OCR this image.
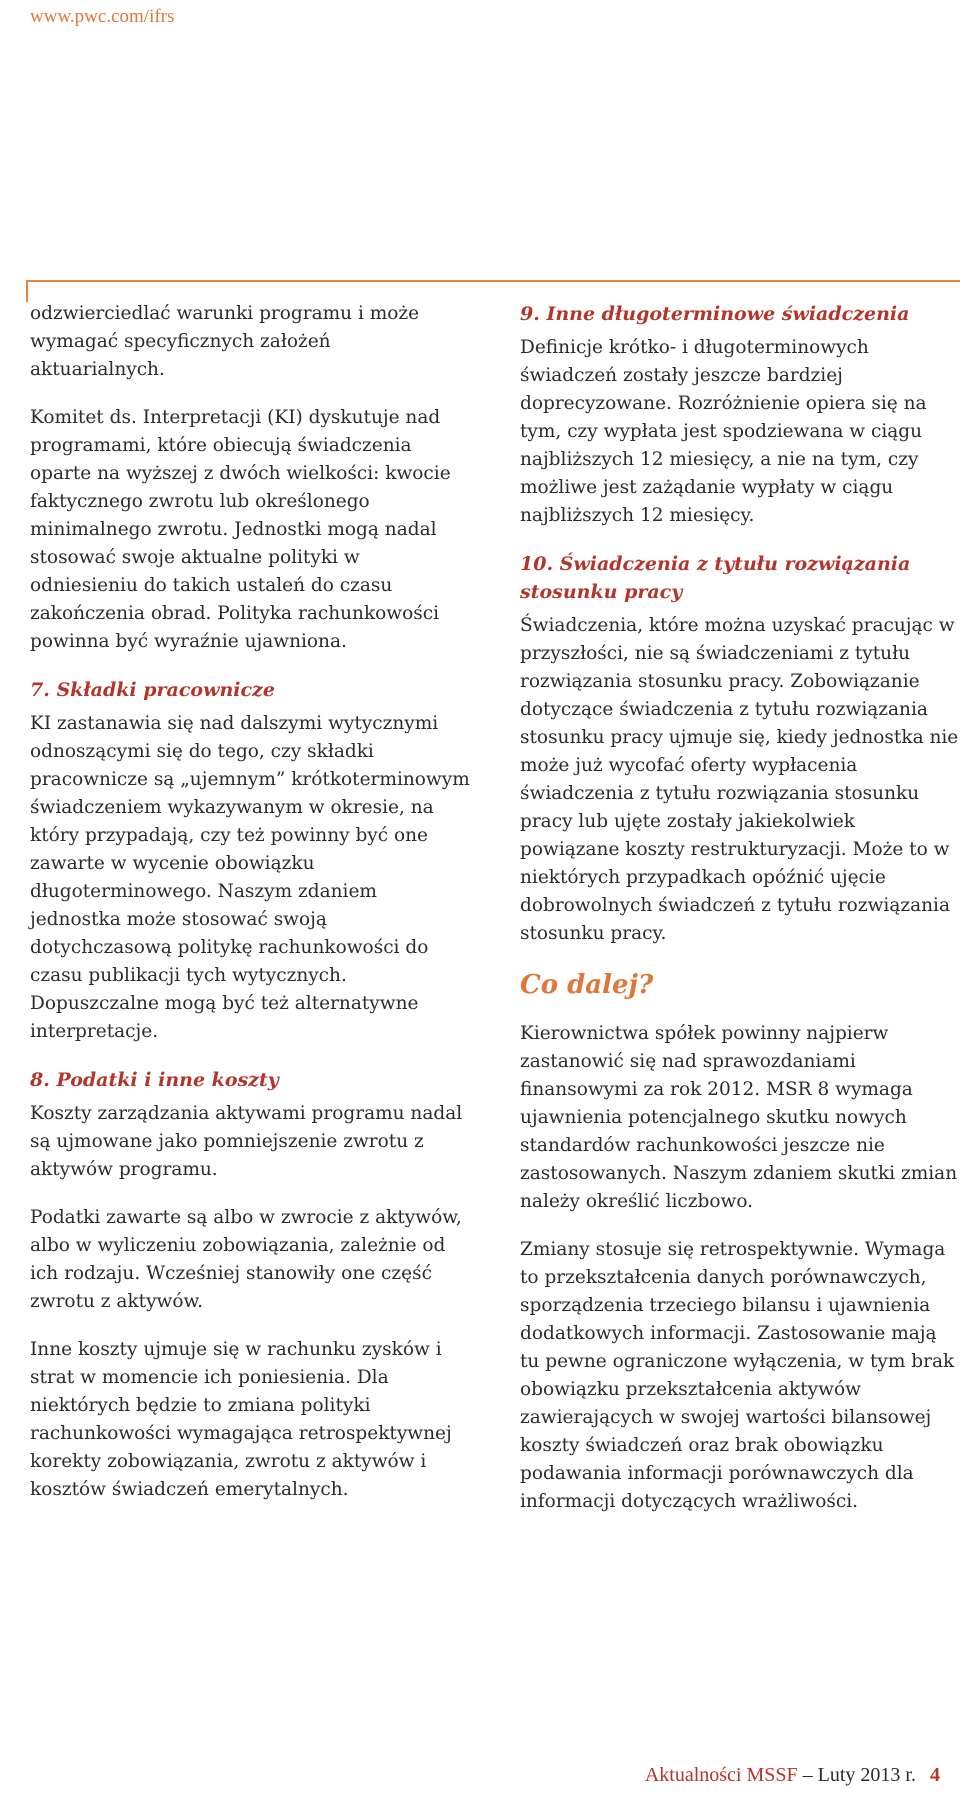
www.pwc.com/ifrs

odzwierciedlać warunki programu i może wymagać specyficznych założeń aktuarialnych.

Komitet ds. Interpretacji (KI) dyskutuje nad programami, które obiecują świadczenia oparte na wyższej z dwóch wielkości: kwocie faktycznego zwrotu lub określonego minimalnego zwrotu. Jednostki mogą nadal stosować swoje aktualne polityki w odniesieniu do takich ustaleń do czasu zakończenia obrad. Polityka rachunkowości powinna być wyraźnie ujawniona.

7. Składki pracownicze

KI zastanawia się nad dalszymi wytycznymi odnoszącymi się do tego, czy składki pracownicze są „ujemnym” krótkoterminowym świadczeniem wykazywanym w okresie, na który przypadają, czy też powinny być one zawarte w wycenie obowiązku długoterminowego. Naszym zdaniem jednostka może stosować swoją dotychczasową politykę rachunkowości do czasu publikacji tych wytycznych. Dopuszczalne mogą być też alternatywne interpretacje.

8. Podatki i inne koszty

Koszty zarządzania aktywami programu nadal są ujmowane jako pomniejszenie zwrotu z aktywów programu.

Podatki zawarte są albo w zwrocie z aktywów, albo w wyliczeniu zobowiązania, zależnie od ich rodzaju. Wcześniej stanowiły one część zwrotu z aktywów.

Inne koszty ujmuje się w rachunku zysków i strat w momencie ich poniesienia. Dla niektórych będzie to zmiana polityki rachunkowości wymagająca retrospektywnej korekty zobowiązania, zwrotu z aktywów i kosztów świadczeń emerytalnych.

9. Inne długoterminowe świadczenia

Definicje krótko- i długoterminowych świadczeń zostały jeszcze bardziej doprecyzowane. Rozróżnienie opiera się na tym, czy wypłata jest spodziewana w ciągu najbliższych 12 miesięcy, a nie na tym, czy możliwe jest zażądanie wypłaty w ciągu najbliższych 12 miesięcy.

10. Świadczenia z tytułu rozwiązania stosunku pracy

Świadczenia, które można uzyskać pracując w przyszłości, nie są świadczeniami z tytułu rozwiązania stosunku pracy. Zobowiązanie dotyczące świadczenia z tytułu rozwiązania stosunku pracy ujmuje się, kiedy jednostka nie może już wycofać oferty wypłacenia świadczenia z tytułu rozwiązania stosunku pracy lub ujęte zostały jakiekolwiek powiązane koszty restrukturyzacji. Może to w niektórych przypadkach opóźnić ujęcie dobrowolnych świadczeń z tytułu rozwiązania stosunku pracy.

Co dalej?

Kierownictwa spółek powinny najpierw zastanowić się nad sprawozdaniami finansowymi za rok 2012. MSR 8 wymaga ujawnienia potencjalnego skutku nowych standardów rachunkowości jeszcze nie zastosowanych. Naszym zdaniem skutki zmian należy określić liczbowo.

Zmiany stosuje się retrospektywnie. Wymaga to przekształcenia danych porównawczych, sporządzenia trzeciego bilansu i ujawnienia dodatkowych informacji. Zastosowanie mają tu pewne ograniczone wyłączenia, w tym brak obowiązku przekształcenia aktywów zawierających w swojej wartości bilansowej koszty świadczeń oraz brak obowiązku podawania informacji porównawczych dla informacji dotyczących wrażliwości.

Aktualności MSSF – Luty 2013 r. 4
